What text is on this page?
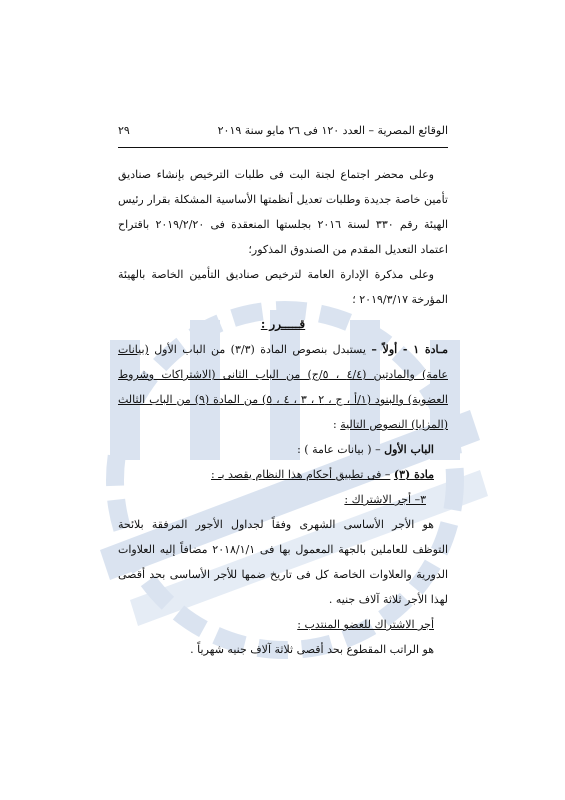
الوقائع المصرية – العدد ١٢٠ فى ٢٦ مايو سنة ٢٠١٩
٢٩

وعلى محضر اجتماع لجنة البت فى طلبات الترخيص بإنشاء صناديق تأمين خاصة جديدة وطلبات تعديل أنظمتها الأساسية المشكلة بقرار رئيس الهيئة رقم ٣٣٠ لسنة ٢٠١٦ بجلستها المنعقدة فى ٢٠١٩/٢/٢٠ باقتراح اعتماد التعديل المقدم من الصندوق المذكور؛

وعلى مذكرة الإدارة العامة لترخيص صناديق التأمين الخاصة بالهيئة المؤرخة ٢٠١٩/٣/١٧ ؛

قـــــرر :

مـادة ١ - أولاً – يستبدل بنصوص المادة (٣/٣) من الباب الأول (بيانات عامة) والمادتين (٤/٤ ، ٥/ج) من الباب الثانى (الاشتراكات وشروط العضوية) والبنود (١/أ ، ج ، ٢ ، ٣ ، ٤ ، ٥) من المادة (٩) من الباب الثالث (المزايا) النصوص التالية :

الباب الأول – ( بيانات عامة ) :

مادة (٣) – فى تطبيق أحكام هذا النظام يقصد بـ :

٣– أجر الاشتراك :

هو الأجر الأساسى الشهرى وفقاً لجداول الأجور المرفقة بلائحة التوظف للعاملين بالجهة المعمول بها فى ٢٠١٨/١/١ مضافاً إليه العلاوات الدورية والعلاوات الخاصة كل فى تاريخ ضمها للأجر الأساسى بحد أقصى لهذا الأجر ثلاثة آلاف جنيه .

أجر الاشتراك للعضو المنتدب :

هو الراتب المقطوع بحد أقصى ثلاثة آلاف جنيه شهرياً .
